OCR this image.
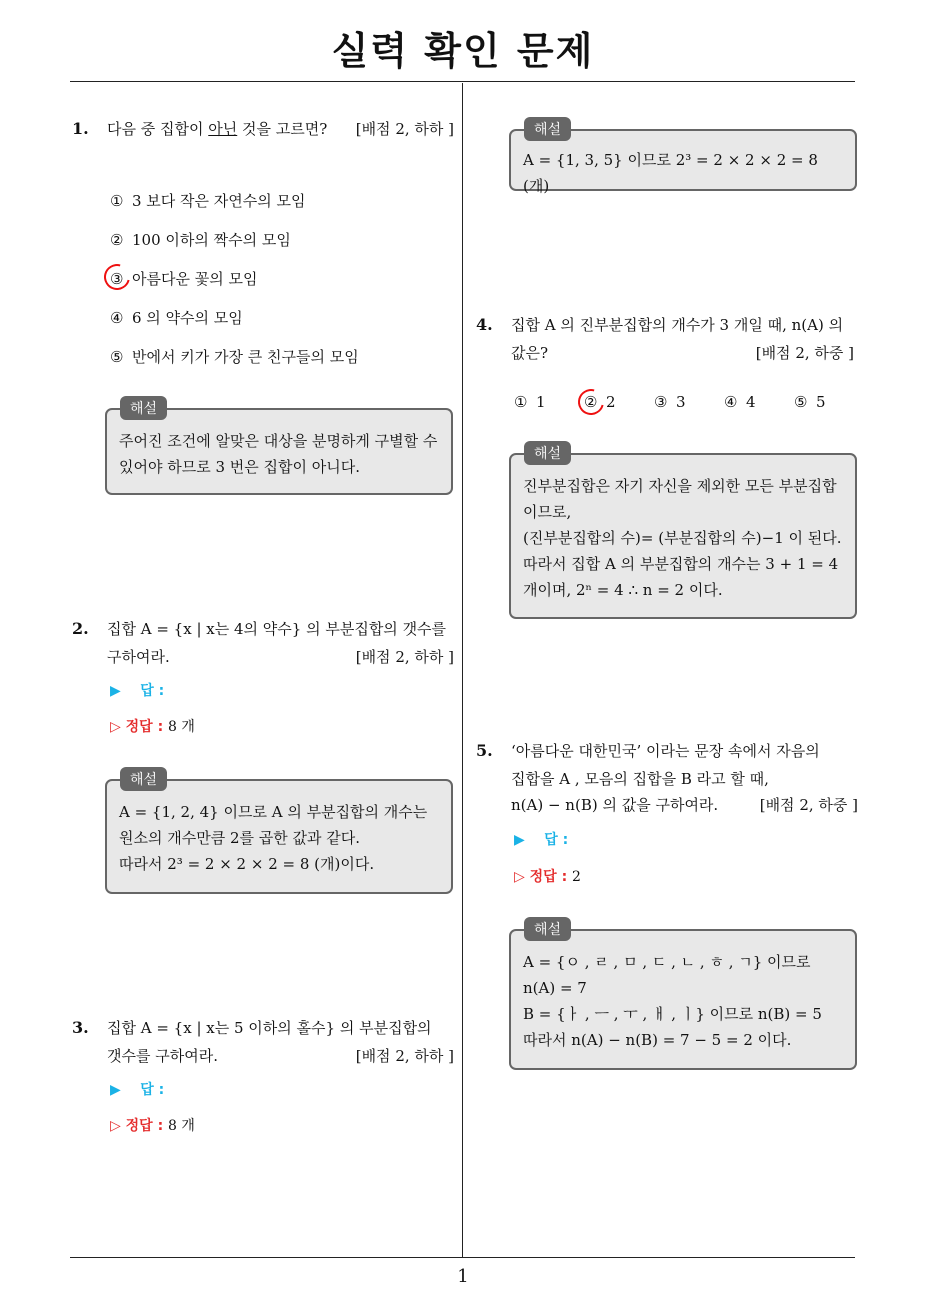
실력 확인 문제
1
1. 다음 중 집합이 아닌 것을 고르면? [배점 2, 하하 ]
① 3 보다 작은 자연수의 모임
② 100 이하의 짝수의 모임
③ 아름다운 꽃의 모임
④ 6 의 약수의 모임
⑤ 반에서 키가 가장 큰 친구들의 모임
주어진 조건에 알맞은 대상을 분명하게 구별할 수
있어야 하므로 3 번은 집합이 아니다.
해설
2. 집합 A = {x | x는 4의 약수} 의 부분집합의 갯수를
구하여라.	[배점 2, 하하 ]
▶    답 :
▷ 정답 : 8 개
A = {1, 2, 4} 이므로 A 의 부분집합의 개수는
원소의 개수만큼 2를 곱한 값과 같다.
따라서 2³ = 2 × 2 × 2 = 8 (개)이다.
해설
3. 집합 A = {x | x는 5 이하의 홀수} 의 부분집합의
갯수를 구하여라.	[배점 2, 하하 ]
▶    답 :
▷ 정답 : 8 개
A = {1, 3, 5} 이므로 2³ = 2 × 2 × 2 = 8 (개)
해설
4. 집합 A 의 진부분집합의 개수가 3 개일 때, n(A) 의
값은?	[배점 2, 하중 ]
① 1	② 2	③ 3	④ 4	⑤ 5
진부분집합은 자기 자신을 제외한 모든 부분집합
이므로,
(진부분집합의 수)= (부분집합의 수)−1 이 된다.
따라서 집합 A 의 부분집합의 개수는 3 + 1 = 4
개이며, 2ⁿ = 4 ∴ n = 2 이다.
해설
5. ‘아름다운 대한민국’ 이라는 문장 속에서 자음의
집합을 A , 모음의 집합을 B 라고 할 때,
n(A) − n(B) 의 값을 구하여라.	[배점 2, 하중 ]
▶    답 :
▷ 정답 : 2
A = {ㅇ , ㄹ , ㅁ , ㄷ , ㄴ , ㅎ , ㄱ} 이므로
n(A) = 7
B = {ㅏ , ㅡ , ㅜ , ㅐ , ㅣ} 이므로 n(B) = 5
따라서 n(A) − n(B) = 7 − 5 = 2 이다.
해설
